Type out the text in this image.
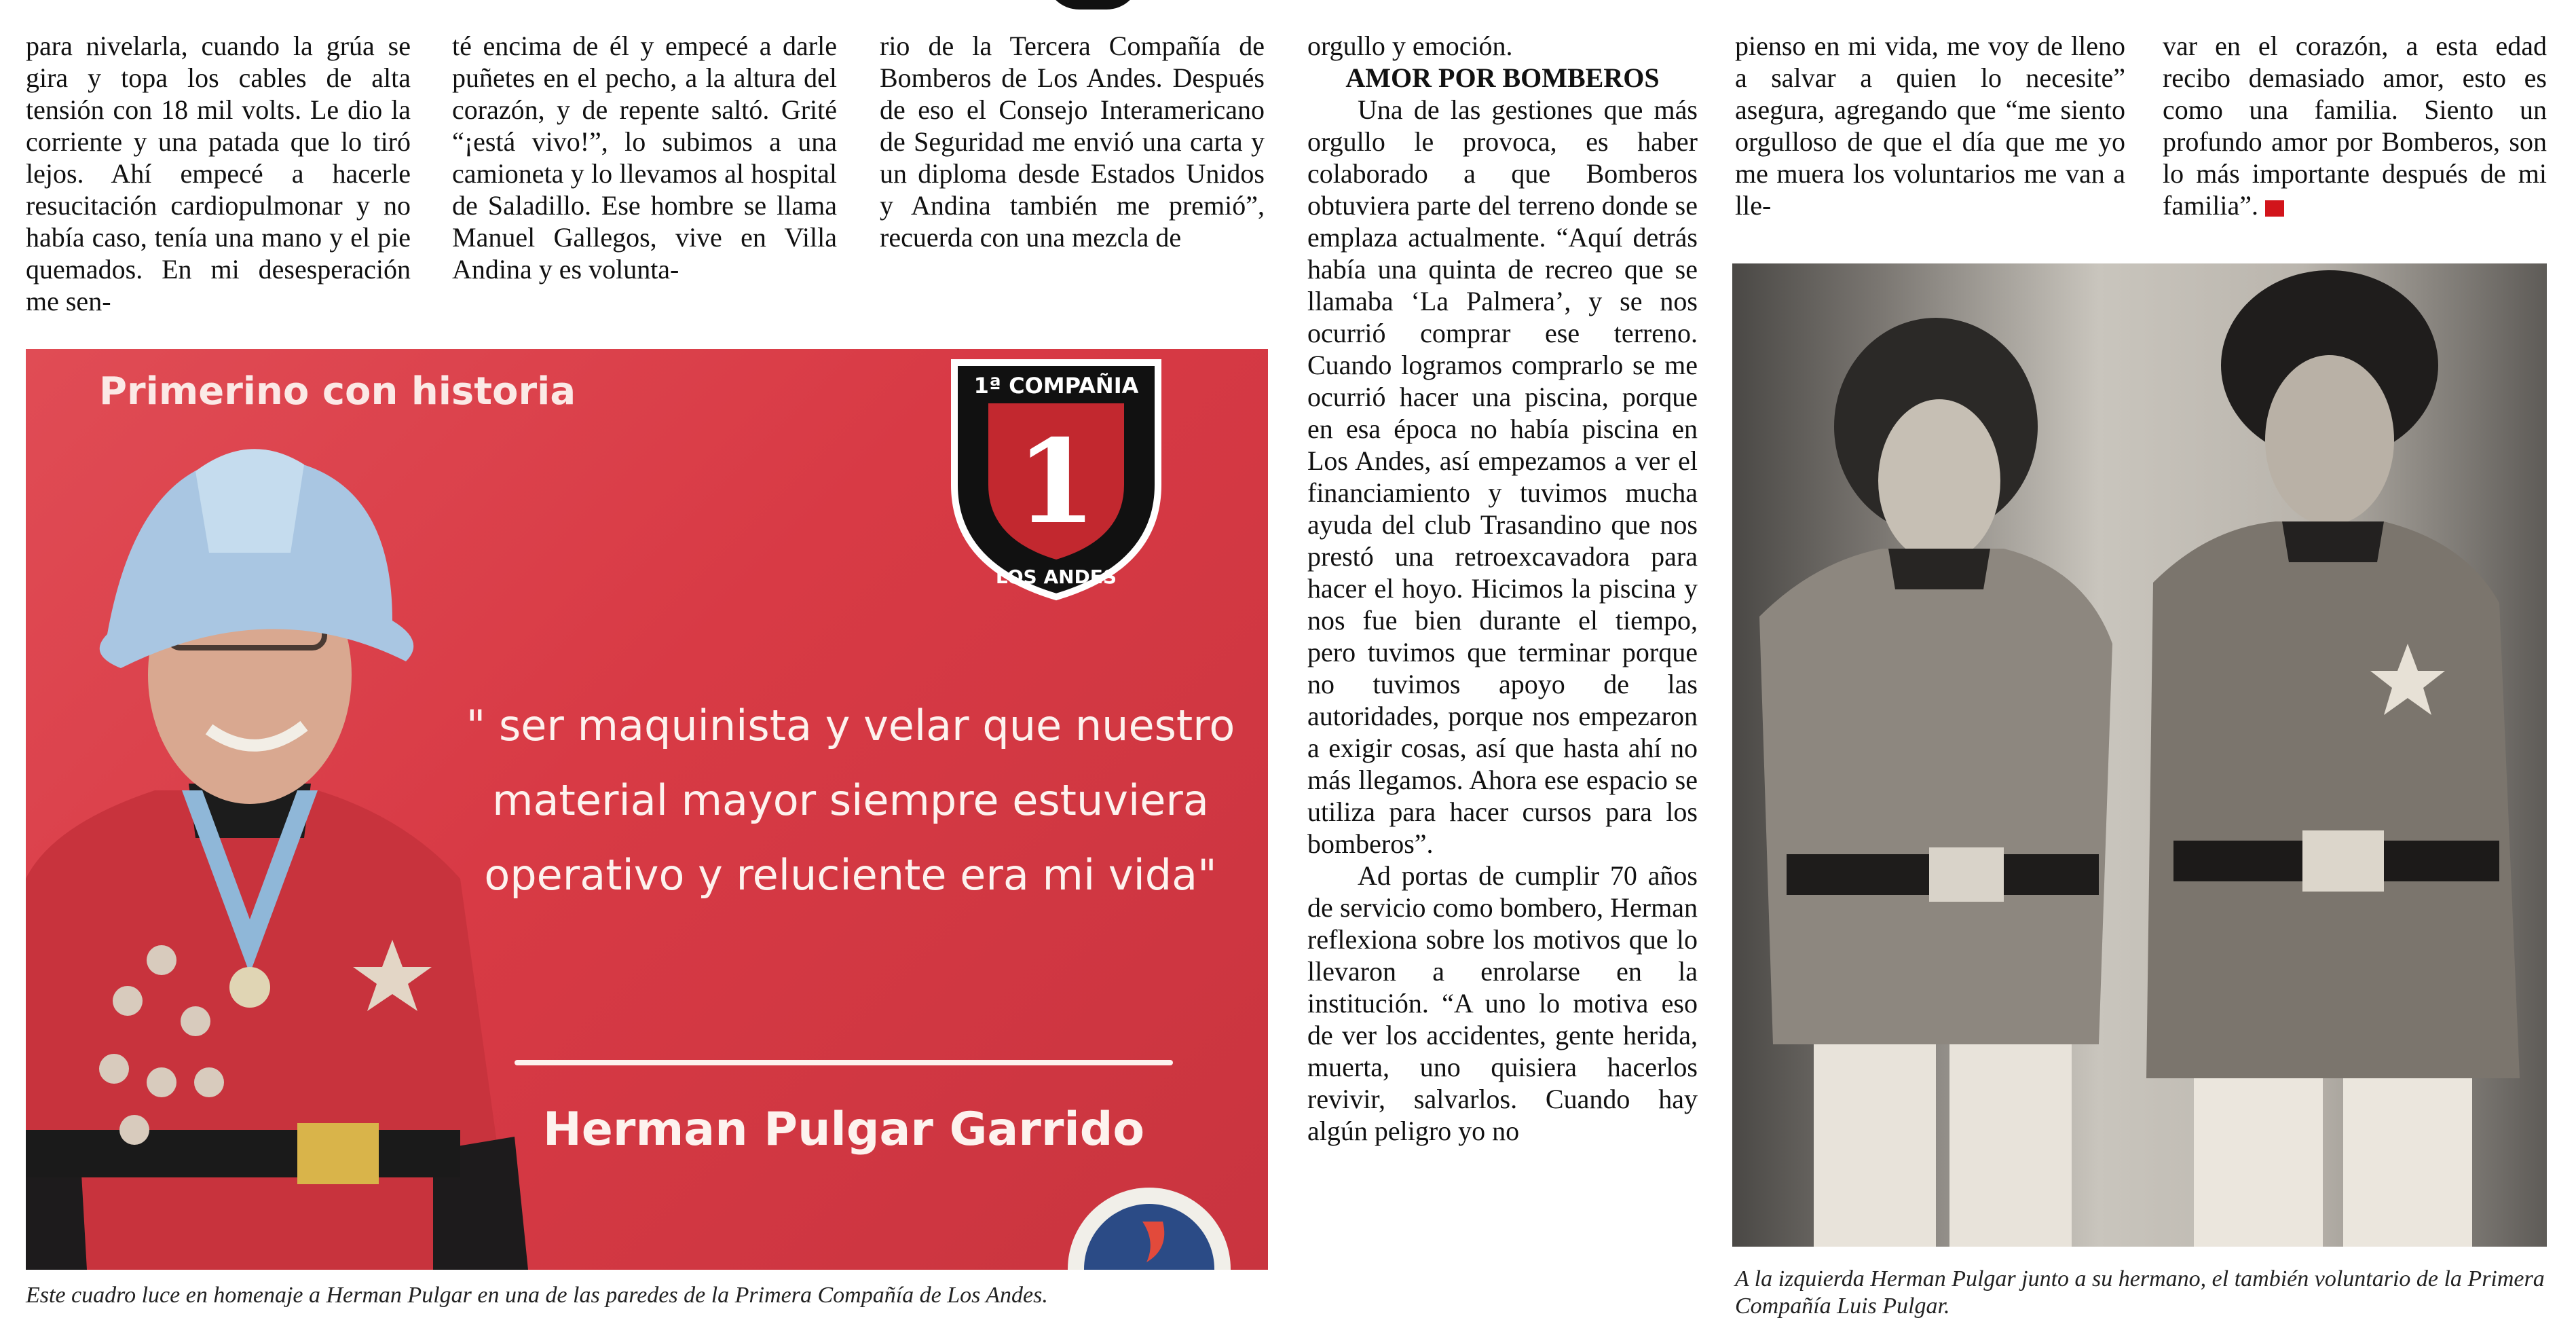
para nivelarla, cuando la grúa se gira y topa los cables de alta tensión con 18 mil volts. Le dio la corriente y una patada que lo tiró lejos. Ahí empecé a hacerle resucitación cardiopulmonar y no había caso, tenía una mano y el pie quemados. En mi desesperación me sen-

té encima de él y empecé a darle puñetes en el pecho, a la altura del corazón, y de repente saltó. Grité “¡está vivo!”, lo subimos a una camioneta y lo llevamos al hospital de Saladillo. Ese hombre se llama Manuel Gallegos, vive en Villa Andina y es volunta-

rio de la Tercera Compañía de Bomberos de Los Andes. Después de eso el Consejo Interamericano de Seguridad me envió una carta y un diploma desde Estados Unidos y Andina también me premió”, recuerda con una mezcla de

orgullo y emoción.

AMOR POR BOMBEROS

Una de las gestiones que más orgullo le provoca, es haber colaborado a que Bomberos obtuviera parte del terreno donde se emplaza actualmente. “Aquí detrás había una quinta de recreo que se llamaba ‘La Palmera’, y se nos ocurrió comprar ese terreno. Cuando logramos comprarlo se me ocurrió hacer una piscina, porque en esa época no había piscina en Los Andes, así empezamos a ver el financiamiento y tuvimos mucha ayuda del club Trasandino que nos prestó una retroexcavadora para hacer el hoyo. Hicimos la piscina y nos fue bien durante el tiempo, pero tuvimos que terminar porque no tuvimos apoyo de las autoridades, porque nos empezaron a exigir cosas, así que hasta ahí no más llegamos. Ahora ese espacio se utiliza para hacer cursos para los bomberos”.

Ad portas de cumplir 70 años de servicio como bombero, Herman reflexiona sobre los motivos que lo llevaron a enrolarse en la institución. “A uno lo motiva eso de ver los accidentes, gente herida, muerta, uno quisiera hacerlos revivir, salvarlos. Cuando hay algún peligro yo no

pienso en mi vida, me voy de lleno a salvar a quien lo necesite” asegura, agregando que “me siento orgulloso de que el día que me yo me muera los voluntarios me van a lle-

var en el corazón, a esta edad recibo demasiado amor, esto es como una familia. Siento un profundo amor por Bomberos, son lo más importante después de mi familia”.

Primerino con historia	1ª COMPAÑIA
1
LOS ANDES
" ser maquinista y velar que nuestro material mayor siempre estuviera operativo y reluciente era mi vida"
Herman Pulgar Garrido

Este cuadro luce en homenaje a Herman Pulgar en una de las paredes de la Primera Compañía de Los Andes.

A la izquierda Herman Pulgar junto a su hermano, el también voluntario de la Primera Compañía Luis Pulgar.
